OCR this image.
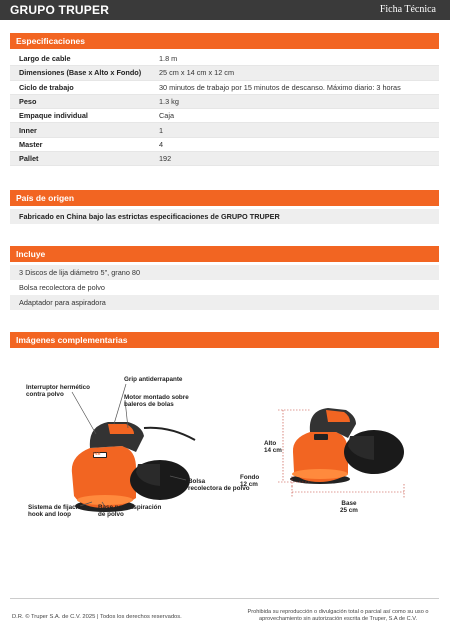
GRUPO TRUPER	Ficha Técnica
Especificaciones
Largo de cable	1.8 m
Dimensiones (Base x Alto x Fondo)	25 cm x 14 cm x 12 cm
Ciclo de trabajo	30 minutos de trabajo por 15 minutos de descanso. Máximo diario: 3 horas
Peso	1.3 kg
Empaque individual	Caja
Inner	1
Master	4
Pallet	192
País de origen
Fabricado en China bajo las estrictas especificaciones de GRUPO TRUPER
Incluye
3 Discos de lija diámetro 5", grano 80
Bolsa recolectora de polvo
Adaptador para aspiradora
Imágenes complementarias
Interruptor hermético
contra polvo
Grip antiderrapante
Motor montado sobre
baleros de bolas
Bolsa
recolectora de polvo
Sistema de fijación
hook and loop
Base para aspiración
de polvo
Alto
14 cm
Fondo
12 cm
Base
25 cm
TRUPER
D.R. © Truper S.A. de C.V. 2025 | Todos los derechos reservados.
Prohibida su reproducción o divulgación total o parcial así como su uso o aprovechamiento sin autorización escrita de Truper, S.A de C.V.
